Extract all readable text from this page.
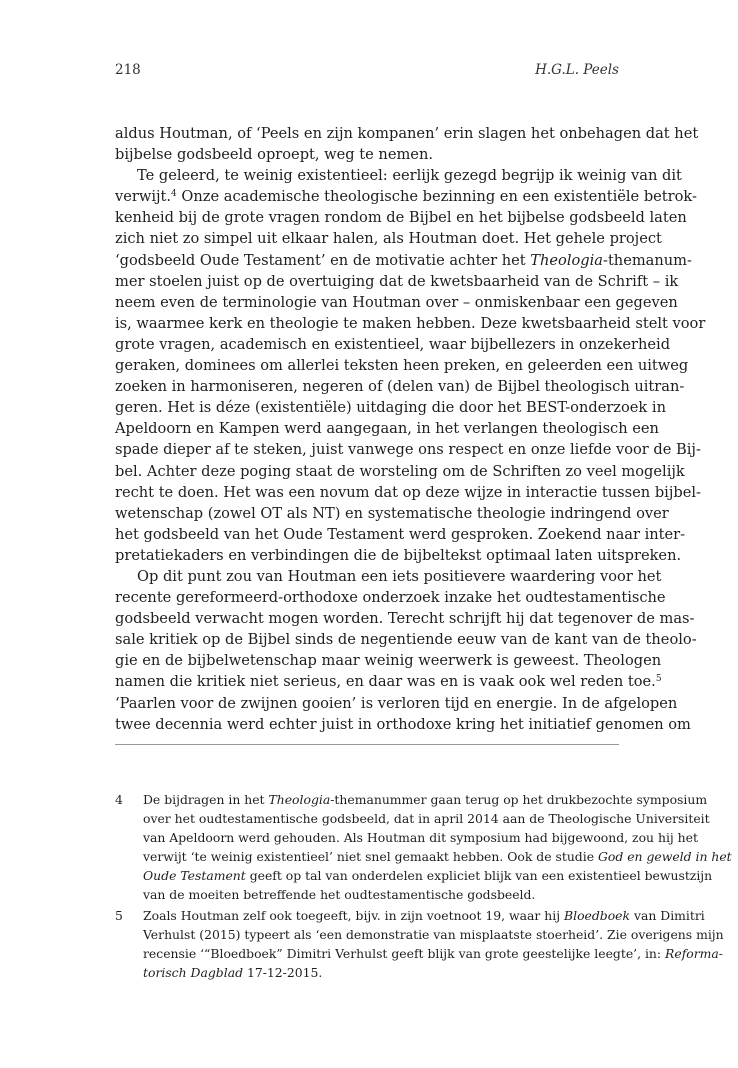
218	H.G.L. Peels
aldus Houtman, of ‘Peels en zijn kompanen’ erin slagen het onbehagen dat het
bijbelse godsbeeld oproept, weg te nemen.
Te geleerd, te weinig existentieel: eerlijk gezegd begrijp ik weinig van dit
verwijt.$^4$ Onze academische theologische bezinning en een existentiële betrok-
kenheid bij de grote vragen rondom de Bijbel en het bijbelse godsbeeld laten
zich niet zo simpel uit elkaar halen, als Houtman doet. Het gehele project
‘godsbeeld Oude Testament’ en de motivatie achter het Theologia-themanum-
mer stoelen juist op de overtuiging dat de kwetsbaarheid van de Schrift – ik
neem even de terminologie van Houtman over – onmiskenbaar een gegeven
is, waarmee kerk en theologie te maken hebben. Deze kwetsbaarheid stelt voor
grote vragen, academisch en existentieel, waar bijbellezers in onzekerheid
geraken, dominees om allerlei teksten heen preken, en geleerden een uitweg
zoeken in harmoniseren, negeren of (delen van) de Bijbel theologisch uitran-
geren. Het is déze (existentiële) uitdaging die door het BEST-onderzoek in
Apeldoorn en Kampen werd aangegaan, in het verlangen theologisch een
spade dieper af te steken, juist vanwege ons respect en onze liefde voor de Bij-
bel. Achter deze poging staat de worsteling om de Schriften zo veel mogelijk
recht te doen. Het was een novum dat op deze wijze in interactie tussen bijbel-
wetenschap (zowel OT als NT) en systematische theologie indringend over
het godsbeeld van het Oude Testament werd gesproken. Zoekend naar inter-
pretatiekaders en verbindingen die de bijbeltekst optimaal laten uitspreken.
Op dit punt zou van Houtman een iets positievere waardering voor het
recente gereformeerd-orthodoxe onderzoek inzake het oudtestamentische
godsbeeld verwacht mogen worden. Terecht schrijft hij dat tegenover de mas-
sale kritiek op de Bijbel sinds de negentiende eeuw van de kant van de theolo-
gie en de bijbelwetenschap maar weinig weerwerk is geweest. Theologen
namen die kritiek niet serieus, en daar was en is vaak ook wel reden toe.$^5$
‘Paarlen voor de zwijnen gooien’ is verloren tijd en energie. In de afgelopen
twee decennia werd echter juist in orthodoxe kring het initiatief genomen om
4 De bijdragen in het Theologia-themanummer gaan terug op het drukbezochte symposium
over het oudtestamentische godsbeeld, dat in april 2014 aan de Theologische Universiteit
van Apeldoorn werd gehouden. Als Houtman dit symposium had bijgewoond, zou hij het
verwijt ‘te weinig existentieel’ niet snel gemaakt hebben. Ook de studie God en geweld in het
Oude Testament geeft op tal van onderdelen expliciet blijk van een existentieel bewustzijn
van de moeiten betreffende het oudtestamentische godsbeeld.
5 Zoals Houtman zelf ook toegeeft, bijv. in zijn voetnoot 19, waar hij Bloedboek van Dimitri
Verhulst (2015) typeert als ‘een demonstratie van misplaatste stoerheid’. Zie overigens mijn
recensie ‘“Bloedboek” Dimitri Verhulst geeft blijk van grote geestelijke leegte’, in: Reforma-
torisch Dagblad 17-12-2015.
